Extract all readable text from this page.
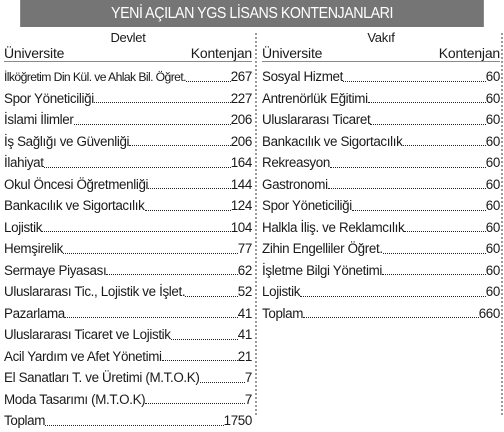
YENİ AÇILAN YGS LİSANS KONTENJANLARI
Devlet
Üniversite	Kontenjan
İlköğretim Din Kül. ve Ahlak Bil. Öğret.	267
Spor Yöneticiliği	227
İslami İlimler	206
İş Sağlığı ve Güvenliği	206
İlahiyat	164
Okul Öncesi Öğretmenliği	144
Bankacılık ve Sigortacılık	124
Lojistik	104
Hemşirelik	77
Sermaye Piyasası	62
Uluslararası Tic., Lojistik ve İşlet.	52
Pazarlama	41
Uluslararası Ticaret ve Lojistik	41
Acil Yardım ve Afet Yönetimi	21
El Sanatları T. ve Üretimi (M.T.O.K)	7
Moda Tasarımı (M.T.O.K)	7
Toplam	1750
Vakıf
Üniversite	Kontenjan
Sosyal Hizmet	60
Antrenörlük Eğitimi	60
Uluslararası Ticaret	60
Bankacılık ve Sigortacılık	60
Rekreasyon	60
Gastronomi	60
Spor Yöneticiliği	60
Halkla İliş. ve Reklamcılık	60
Zihin Engelliler Öğret.	60
İşletme Bilgi Yönetimi	60
Lojistik	60
Toplam	660
